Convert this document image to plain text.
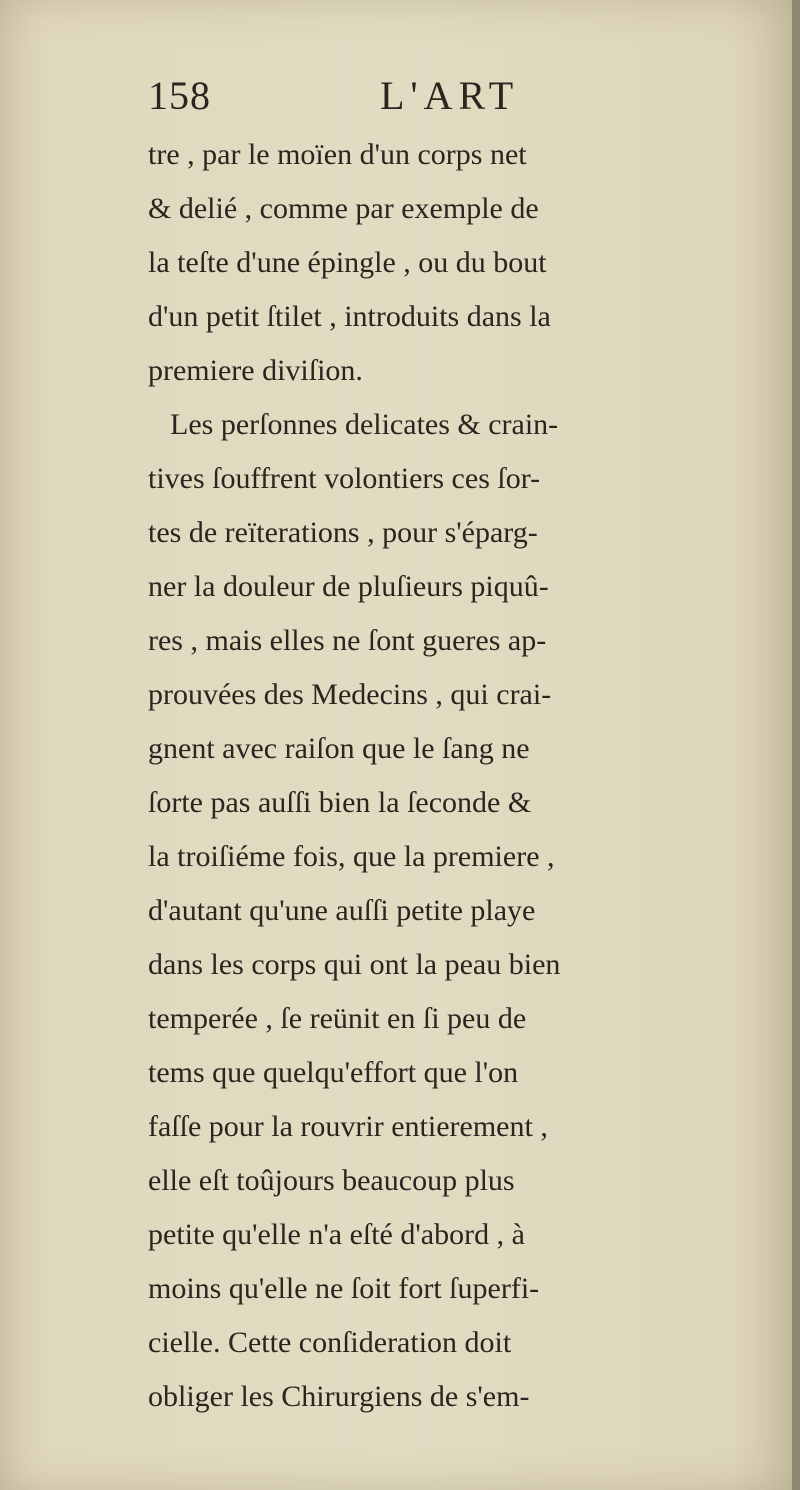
158	L'ART
tre , par le moïen d'un corps net
& delié , comme par exemple de
la teſte d'une épingle , ou du bout
d'un petit ſtilet , introduits dans la
premiere diviſion.
Les perſonnes delicates & crain-
tives ſouffrent volontiers ces ſor-
tes de reïterations , pour s'éparg-
ner la douleur de pluſieurs piquû-
res , mais elles ne ſont gueres ap-
prouvées des Medecins , qui crai-
gnent avec raiſon que le ſang ne
ſorte pas auſſi bien la ſeconde &
la troiſiéme fois, que la premiere ,
d'autant qu'une auſſi petite playe
dans les corps qui ont la peau bien
temperée , ſe reünit en ſi peu de
tems que quelqu'effort que l'on
faſſe pour la rouvrir entierement ,
elle eſt toûjours beaucoup plus
petite qu'elle n'a eſté d'abord , à
moins qu'elle ne ſoit fort ſuperfi-
cielle. Cette conſideration doit
obliger les Chirurgiens de s'em-
